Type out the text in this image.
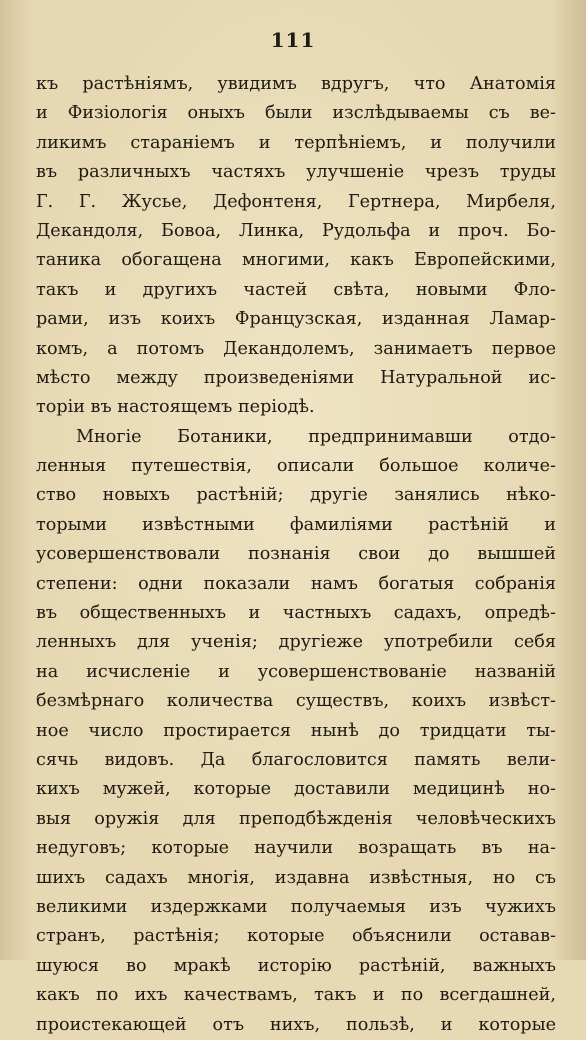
111
къ растѣніямъ, увидимъ вдругъ, что Анатомія
и Физіологія оныхъ были изслѣдываемы съ ве-
ликимъ стараніемъ и терпѣніемъ, и получили
въ различныхъ частяхъ улучшеніе чрезъ труды
Г. Г. Жусье, Дефонтеня, Гертнера, Мирбеля,
Декандоля, Бовоа, Линка, Рудольфа и проч. Бо-
таника обогащена многими, какъ Европейскими,
такъ и другихъ частей свѣта, новыми Фло-
рами, изъ коихъ Французская, изданная Ламар-
комъ, а потомъ Декандолемъ, занимаетъ первое
мѣсто между произведеніями Натуральной ис-
торіи въ настоящемъ періодѣ.
Многіе Ботаники, предпринимавши отдо-
ленныя путешествія, описали большое количе-
ство новыхъ растѣній; другіе занялись нѣко-
торыми извѣстными фамиліями растѣній и
усовершенствовали познанія свои до вышшей
степени: одни показали намъ богатыя собранія
въ общественныхъ и частныхъ садахъ, опредѣ-
ленныхъ для ученія; другіеже употребили себя
на исчисленіе и усовершенствованіе названій
безмѣрнаго количества существъ, коихъ извѣст-
ное число простирается нынѣ до тридцати ты-
сячь видовъ. Да благословится память вели-
кихъ мужей, которые доставили медицинѣ но-
выя оружія для преподбѣжденія человѣческихъ
недуговъ; которые научили возращать въ на-
шихъ садахъ многія, издавна извѣстныя, но съ
великими издержками получаемыя изъ чужихъ
странъ, растѣнія; которые объяснили оставав-
шуюся во мракѣ исторію растѣній, важныхъ
какъ по ихъ качествамъ, такъ и по всегдашней,
проистекающей отъ нихъ, пользѣ, и которые
